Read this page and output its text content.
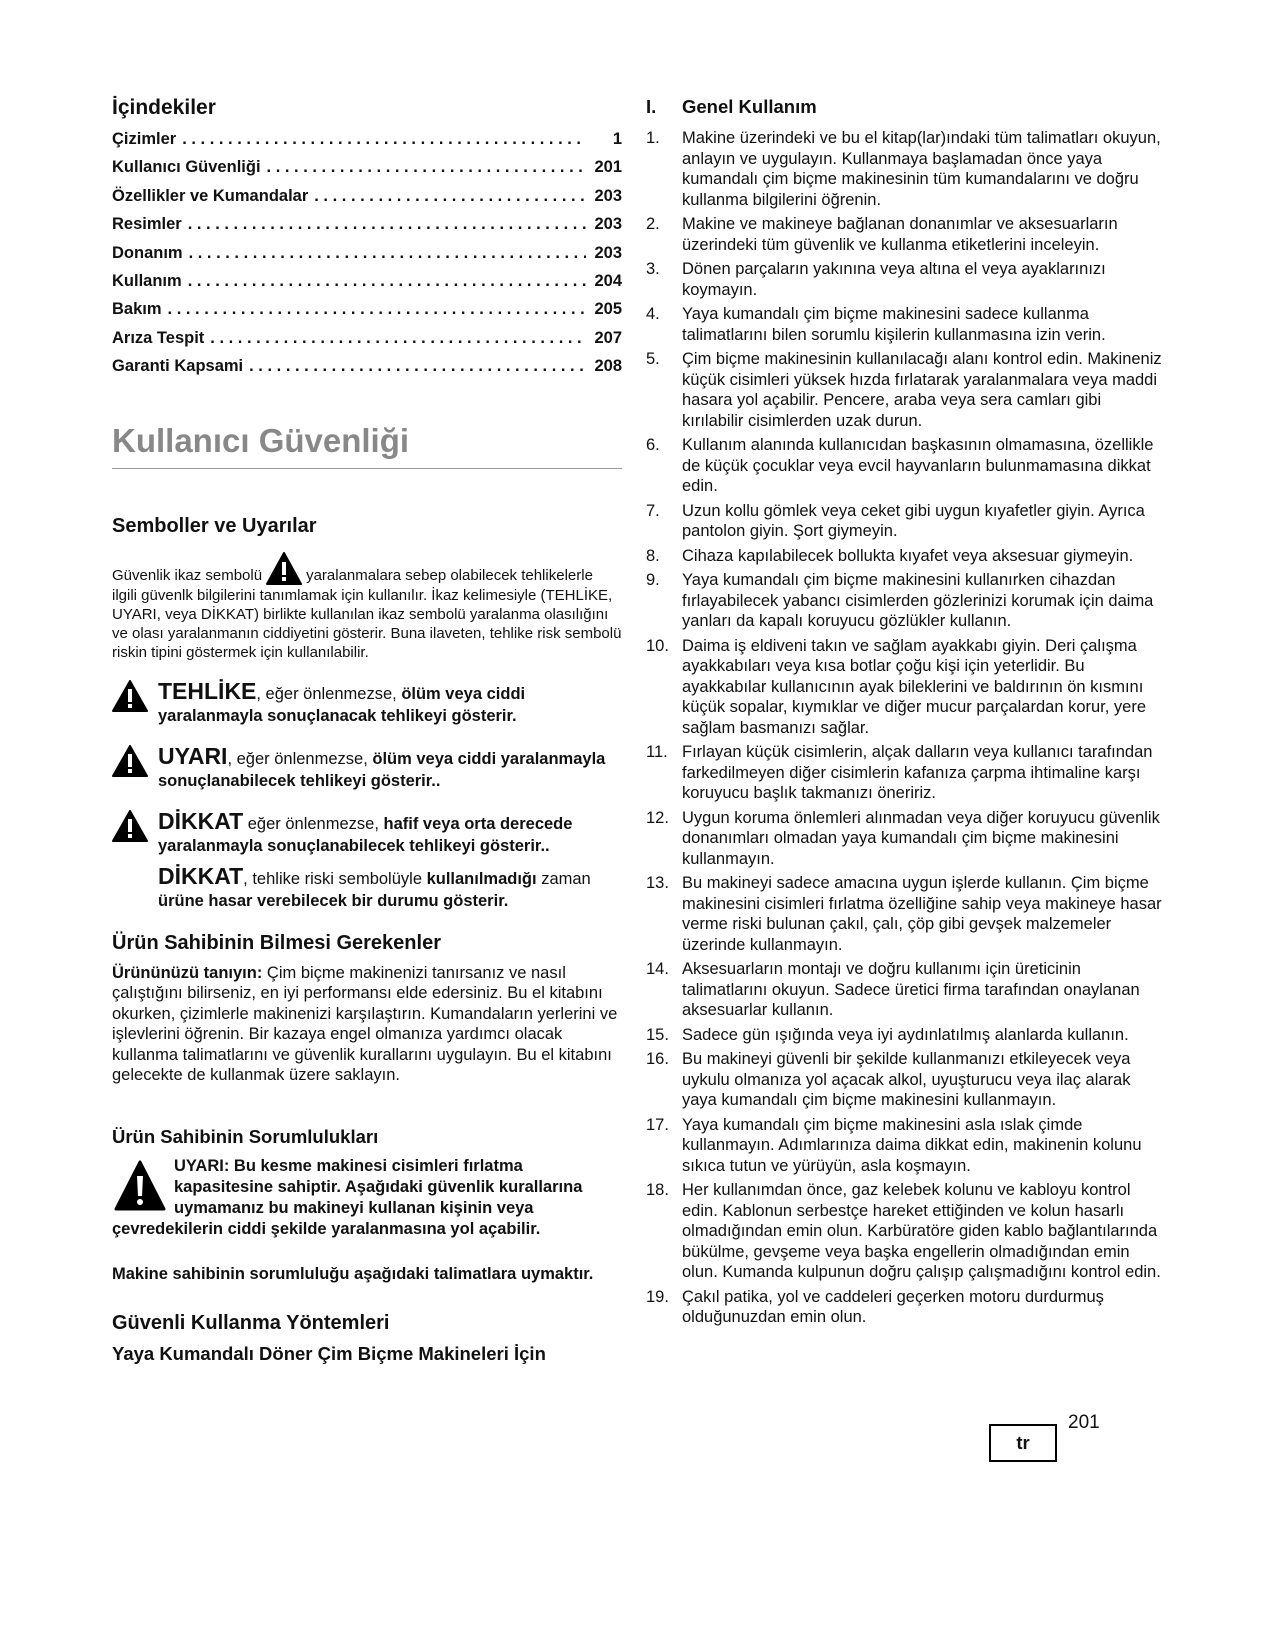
İçindekiler
Çizimler . . .	1
Kullanıcı Güvenliği . . .	201
Özellikler ve Kumandalar . . .	203
Resimler . . .	203
Donanım . . .	203
Kullanım . . .	204
Bakım . . .	205
Arıza Tespit . . .	207
Garanti Kapsami . . .	208
Kullanıcı Güvenliği
Semboller ve Uyarılar

Güvenlik ikaz sembolü	yaralanmalara sebep olabilecek tehlikelerle ilgili güvenlk bilgilerini tanımlamak için kullanılır. İkaz kelimesiyle (TEHLİKE, UYARI, veya DİKKAT) birlikte kullanılan ikaz sembolü yaralanma olasılığını ve olası yaralanmanın ciddiyetini gösterir. Buna ilaveten, tehlike risk sembolü riskin tipini göstermek için kullanılabilir.

TEHLİKE, eğer önlenmezse, ölüm veya ciddi yaralanmayla sonuçlanacak tehlikeyi gösterir.
UYARI, eğer önlenmezse, ölüm veya ciddi yaralanmayla sonuçlanabilecek tehlikeyi gösterir..
DİKKAT eğer önlenmezse, hafif veya orta derecede yaralanmayla sonuçlanabilecek tehlikeyi gösterir..
DİKKAT, tehlike riski sembolüyle kullanılmadığı zaman ürüne hasar verebilecek bir durumu gösterir.
Ürün Sahibinin Bilmesi Gerekenler

Ürününüzü tanıyın: Çim biçme makinenizi tanırsanız ve nasıl çalıştığını bilirseniz, en iyi performansı elde edersiniz. Bu el kitabını okurken, çizimlerle makinenizi karşılaştırın. Kumandaların yerlerini ve işlevlerini öğrenin. Bir kazaya engel olmanıza yardımcı olacak kullanma talimatlarını ve güvenlik kurallarını uygulayın. Bu el kitabını gelecekte de kullanmak üzere saklayın.

Ürün Sahibinin Sorumlulukları
UYARI: Bu kesme makinesi cisimleri fırlatma kapasitesine sahiptir. Aşağıdaki güvenlik kurallarına uymamanız bu makineyi kullanan kişinin veya çevredekilerin ciddi şekilde yaralanmasına yol açabilir.

Makine sahibinin sorumluluğu aşağıdaki talimatlara uymaktır.

Güvenli Kullanma Yöntemleri
Yaya Kumandalı Döner Çim Biçme Makineleri İçin
I.	Genel Kullanım
1.	Makine üzerindeki ve bu el kitap(lar)ındaki tüm talimatları okuyun, anlayın ve uygulayın. Kullanmaya başlamadan önce yaya kumandalı çim biçme makinesinin tüm kumandalarını ve doğru kullanma bilgilerini öğrenin.
2.	Makine ve makineye bağlanan donanımlar ve aksesuarların üzerindeki tüm güvenlik ve kullanma etiketlerini inceleyin.
3.	Dönen parçaların yakınına veya altına el veya ayaklarınızı koymayın.
4.	Yaya kumandalı çim biçme makinesini sadece kullanma talimatlarını bilen sorumlu kişilerin kullanmasına izin verin.
5.	Çim biçme makinesinin kullanılacağı alanı kontrol edin. Makineniz küçük cisimleri yüksek hızda fırlatarak yaralanmalara veya maddi hasara yol açabilir. Pencere, araba veya sera camları gibi kırılabilir cisimlerden uzak durun.
6.	Kullanım alanında kullanıcıdan başkasının olmamasına, özellikle de küçük çocuklar veya evcil hayvanların bulunmamasına dikkat edin.
7.	Uzun kollu gömlek veya ceket gibi uygun kıyafetler giyin. Ayrıca pantolon giyin. Şort giymeyin.
8.	Cihaza kapılabilecek bollukta kıyafet veya aksesuar giymeyin.
9.	Yaya kumandalı çim biçme makinesini kullanırken cihazdan fırlayabilecek yabancı cisimlerden gözlerinizi korumak için daima yanları da kapalı koruyucu gözlükler kullanın.
10. Daima iş eldiveni takın ve sağlam ayakkabı giyin. Deri çalışma ayakkabıları veya kısa botlar çoğu kişi için yeterlidir. Bu ayakkabılar kullanıcının ayak bileklerini ve baldırının ön kısmını küçük sopalar, kıymıklar ve diğer mucur parçalardan korur, yere sağlam basmanızı sağlar.
11. Fırlayan küçük cisimlerin, alçak dalların veya kullanıcı tarafından farkedilmeyen diğer cisimlerin kafanıza çarpma ihtimaline karşı koruyucu başlık takmanızı öneririz.
12. Uygun koruma önlemleri alınmadan veya diğer koruyucu güvenlik donanımları olmadan yaya kumandalı çim biçme makinesini kullanmayın.
13. Bu makineyi sadece amacına uygun işlerde kullanın. Çim biçme makinesini cisimleri fırlatma özelliğine sahip veya makineye hasar verme riski bulunan çakıl, çalı, çöp gibi gevşek malzemeler üzerinde kullanmayın.
14. Aksesuarların montajı ve doğru kullanımı için üreticinin talimatlarını okuyun. Sadece üretici firma tarafından onaylanan aksesuarlar kullanın.
15. Sadece gün ışığında veya iyi aydınlatılmış alanlarda kullanın.
16. Bu makineyi güvenli bir şekilde kullanmanızı etkileyecek veya uykulu olmanıza yol açacak alkol, uyuşturucu veya ilaç alarak yaya kumandalı çim biçme makinesini kullanmayın.
17. Yaya kumandalı çim biçme makinesini asla ıslak çimde kullanmayın. Adımlarınıza daima dikkat edin, makinenin kolunu sıkıca tutun ve yürüyün, asla koşmayın.
18. Her kullanımdan önce, gaz kelebek kolunu ve kabloyu kontrol edin. Kablonun serbestçe hareket ettiğinden ve kolun hasarlı olmadığından emin olun. Karbüratöre giden kablo bağlantılarında bükülme, gevşeme veya başka engellerin olmadığından emin olun. Kumanda kulpunun doğru çalışıp çalışmadığını kontrol edin.
19. Çakıl patika, yol ve caddeleri geçerken motoru durdurmuş olduğunuzdan emin olun.
tr
201
